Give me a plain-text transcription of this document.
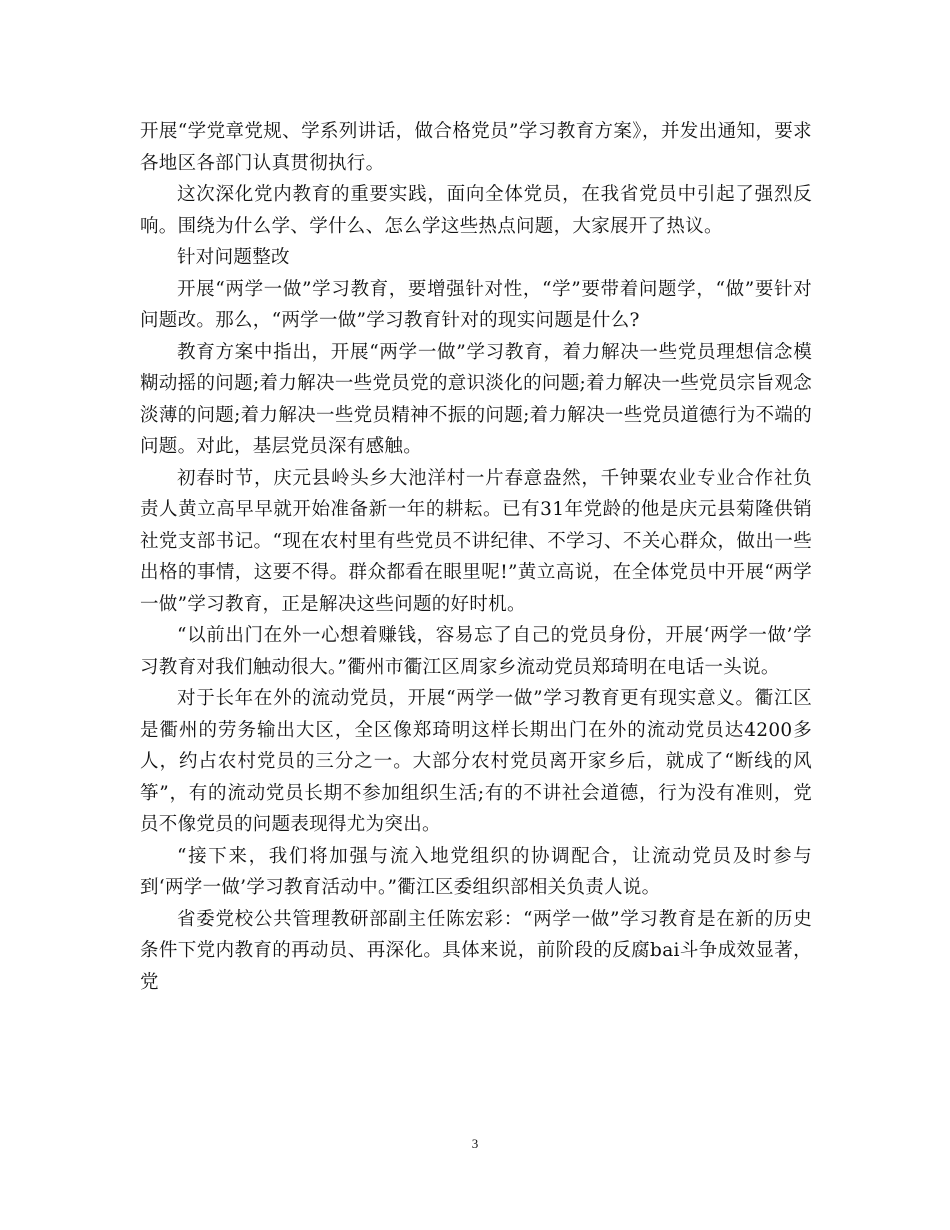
开展“学党章党规、学系列讲话，做合格党员”学习教育方案》，并发出通知，要求各地区各部门认真贯彻执行。

这次深化党内教育的重要实践，面向全体党员，在我省党员中引起了强烈反响。围绕为什么学、学什么、怎么学这些热点问题，大家展开了热议。

针对问题整改

开展“两学一做”学习教育，要增强针对性，“学”要带着问题学，“做”要针对问题改。那么，“两学一做”学习教育针对的现实问题是什么?

教育方案中指出，开展“两学一做”学习教育，着力解决一些党员理想信念模糊动摇的问题;着力解决一些党员党的意识淡化的问题;着力解决一些党员宗旨观念淡薄的问题;着力解决一些党员精神不振的问题;着力解决一些党员道德行为不端的问题。对此，基层党员深有感触。

初春时节，庆元县岭头乡大池洋村一片春意盎然，千钟粟农业专业合作社负责人黄立高早早就开始准备新一年的耕耘。已有31年党龄的他是庆元县菊隆供销社党支部书记。“现在农村里有些党员不讲纪律、不学习、不关心群众，做出一些出格的事情，这要不得。群众都看在眼里呢!”黄立高说，在全体党员中开展“两学一做”学习教育，正是解决这些问题的好时机。

“以前出门在外一心想着赚钱，容易忘了自己的党员身份，开展‘两学一做’学习教育对我们触动很大。”衢州市衢江区周家乡流动党员郑琦明在电话一头说。

对于长年在外的流动党员，开展“两学一做”学习教育更有现实意义。衢江区是衢州的劳务输出大区，全区像郑琦明这样长期出门在外的流动党员达4200多人，约占农村党员的三分之一。大部分农村党员离开家乡后，就成了“断线的风筝”，有的流动党员长期不参加组织生活;有的不讲社会道德，行为没有准则，党员不像党员的问题表现得尤为突出。

“接下来，我们将加强与流入地党组织的协调配合，让流动党员及时参与到‘两学一做’学习教育活动中。”衢江区委组织部相关负责人说。

省委党校公共管理教研部副主任陈宏彩：“两学一做”学习教育是在新的历史条件下党内教育的再动员、再深化。具体来说，前阶段的反腐bai斗争成效显著，党

3
